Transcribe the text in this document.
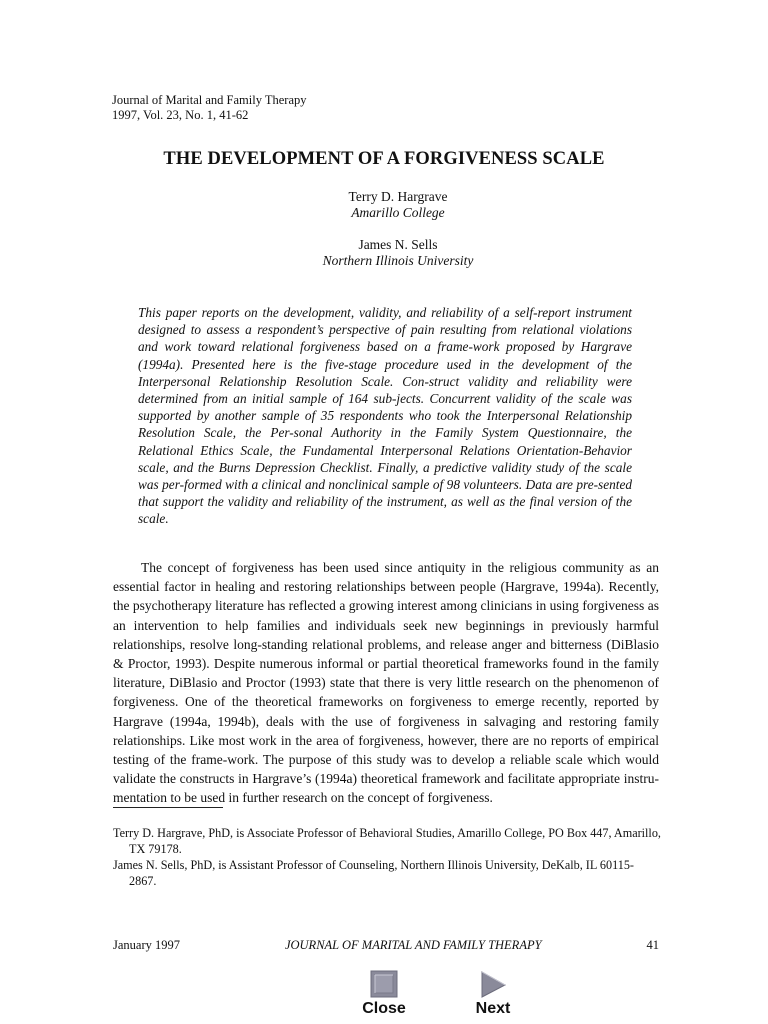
Journal of Marital and Family Therapy
1997, Vol. 23, No. 1, 41-62
THE DEVELOPMENT OF A FORGIVENESS SCALE
Terry D. Hargrave
Amarillo College
James N. Sells
Northern Illinois University
This paper reports on the development, validity, and reliability of a self-report instrument designed to assess a respondent’s perspective of pain resulting from relational violations and work toward relational forgiveness based on a frame-work proposed by Hargrave (1994a). Presented here is the five-stage procedure used in the development of the Interpersonal Relationship Resolution Scale. Con-struct validity and reliability were determined from an initial sample of 164 sub-jects. Concurrent validity of the scale was supported by another sample of 35 respondents who took the Interpersonal Relationship Resolution Scale, the Per-sonal Authority in the Family System Questionnaire, the Relational Ethics Scale, the Fundamental Interpersonal Relations Orientation-Behavior scale, and the Burns Depression Checklist. Finally, a predictive validity study of the scale was per-formed with a clinical and nonclinical sample of 98 volunteers. Data are pre-sented that support the validity and reliability of the instrument, as well as the final version of the scale.
The concept of forgiveness has been used since antiquity in the religious community as an essential factor in healing and restoring relationships between people (Hargrave, 1994a). Recently, the psychotherapy literature has reflected a growing interest among clinicians in using forgiveness as an intervention to help families and individuals seek new beginnings in previously harmful relationships, resolve long-standing relational problems, and release anger and bitterness (DiBlasio & Proctor, 1993). Despite numerous informal or partial theoretical frameworks found in the family literature, DiBlasio and Proctor (1993) state that there is very little research on the phenomenon of forgiveness. One of the theoretical frameworks on forgiveness to emerge recently, reported by Hargrave (1994a, 1994b), deals with the use of forgiveness in salvaging and restoring family relationships. Like most work in the area of forgiveness, however, there are no reports of empirical testing of the frame-work. The purpose of this study was to develop a reliable scale which would validate the constructs in Hargrave’s (1994a) theoretical framework and facilitate appropriate instru-mentation to be used in further research on the concept of forgiveness.

Terry D. Hargrave, PhD, is Associate Professor of Behavioral Studies, Amarillo College, PO Box 447, Amarillo, TX 79178.

James N. Sells, PhD, is Assistant Professor of Counseling, Northern Illinois University, DeKalb, IL 60115-2867.

January 1997	JOURNAL OF MARITAL AND FAMILY THERAPY	41
Close	Next
